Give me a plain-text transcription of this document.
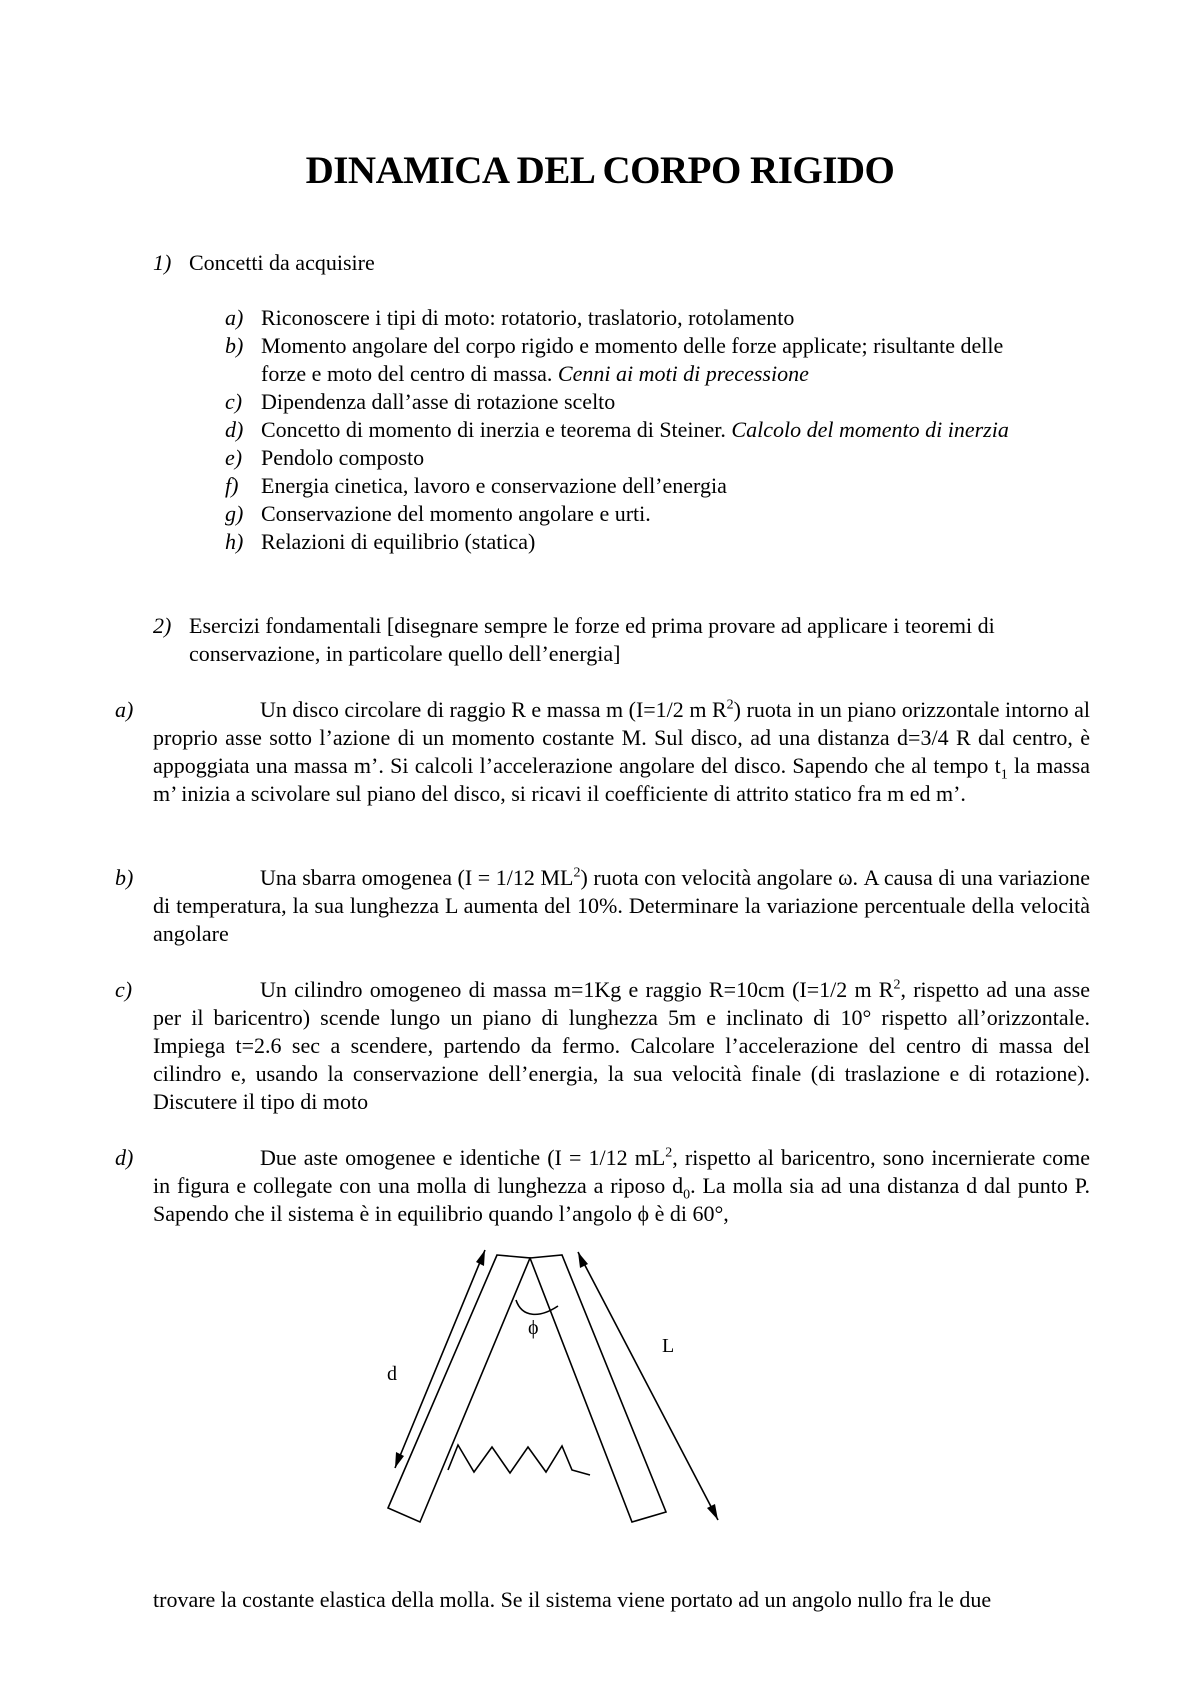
DINAMICA DEL CORPO RIGIDO
1) Concetti da acquisire
a) Riconoscere i tipi di moto: rotatorio, traslatorio, rotolamento
b) Momento angolare del corpo rigido e momento delle forze applicate; risultante delle
forze e moto del centro di massa. Cenni ai moti di precessione
c) Dipendenza dall’asse di rotazione scelto
d) Concetto di momento di inerzia e teorema di Steiner. Calcolo del momento di inerzia
e) Pendolo composto
f) Energia cinetica, lavoro e conservazione dell’energia
g) Conservazione del momento angolare e urti.
h) Relazioni di equilibrio (statica)
2) Esercizi fondamentali [disegnare sempre le forze ed prima provare ad applicare i teoremi di
conservazione, in particolare quello dell’energia]
a)	Un disco circolare di raggio R e massa m (I=1/2 m $R^2$) ruota in un piano orizzontale intorno al proprio asse sotto l’azione di un momento costante M. Sul disco, ad una distanza d=3/4 R dal centro, è appoggiata una massa m’. Si calcoli l’accelerazione angolare del disco. Sapendo che al tempo $t_1$ la massa m’ inizia a scivolare sul piano del disco, si ricavi il coefficiente di attrito statico fra m ed m’.
b)	Una sbarra omogenea (I = 1/12 $ML^2$) ruota con velocità angolare ω. A causa di una variazione di temperatura, la sua lunghezza L aumenta del 10%. Determinare la variazione percentuale della velocità angolare
c)	Un cilindro omogeneo di massa m=1Kg e raggio R=10cm (I=1/2 m $R^2$, rispetto ad una asse per il baricentro) scende lungo un piano di lunghezza 5m e inclinato di 10° rispetto all’orizzontale. Impiega t=2.6 sec a scendere, partendo da fermo. Calcolare l’accelerazione del centro di massa del cilindro e, usando la conservazione dell’energia, la sua velocità finale (di traslazione e di rotazione). Discutere il tipo di moto
d)	Due aste omogenee e identiche (I = 1/12 $mL^2$, rispetto al baricentro, sono incernierate come in figura e collegate con una molla di lunghezza a riposo $d_0$. La molla sia ad una distanza d dal punto P. Sapendo che il sistema è in equilibrio quando l’angolo ϕ è di 60°,
d
L
ϕ
trovare la costante elastica della molla. Se il sistema viene portato ad un angolo nullo fra le due
